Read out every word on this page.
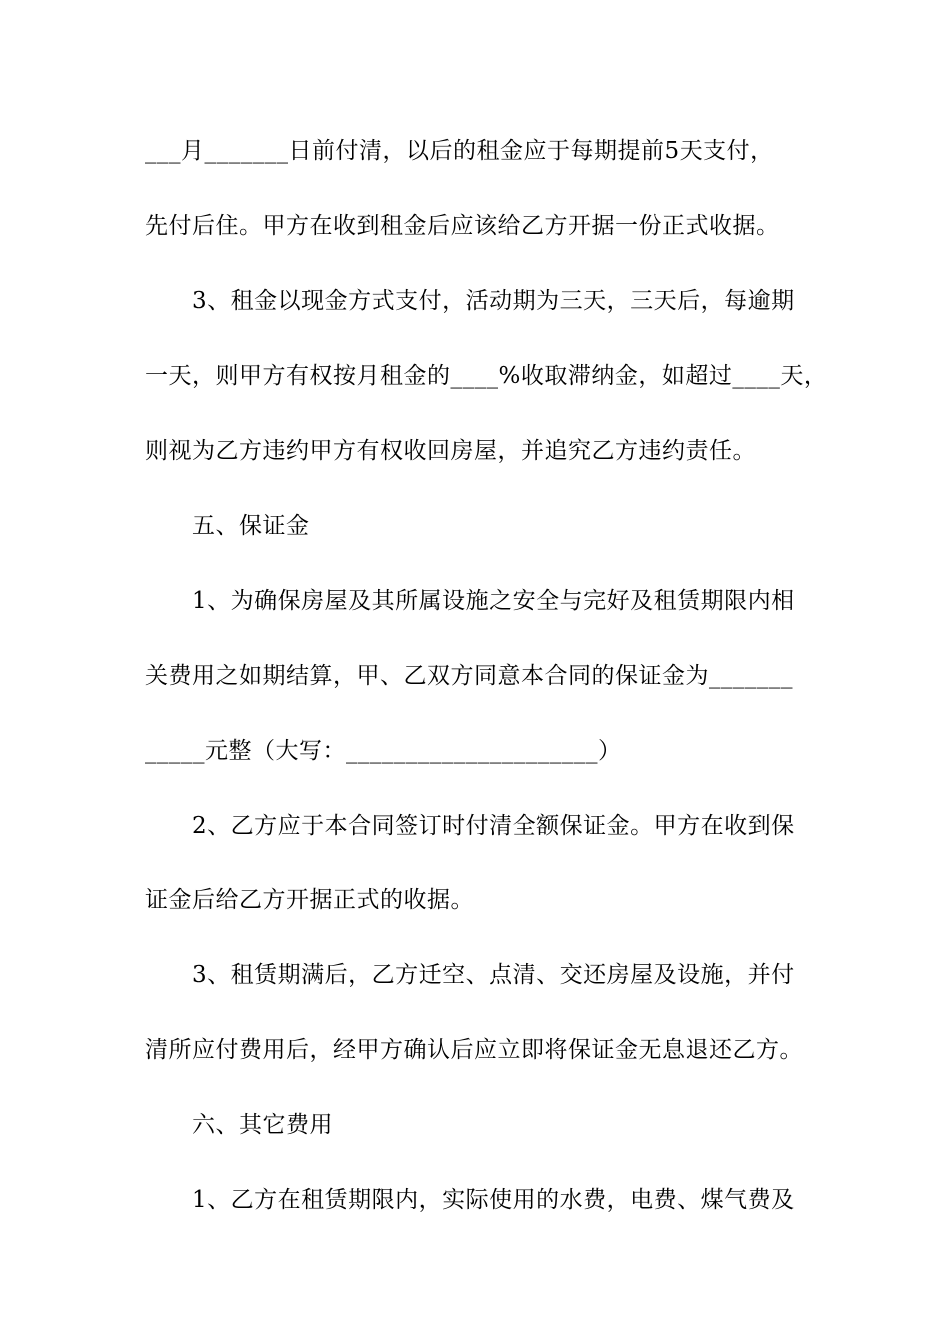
___月_______日前付清，以后的租金应于每期提前5天支付，
先付后住。甲方在收到租金后应该给乙方开据一份正式收据。
3、租金以现金方式支付，活动期为三天，三天后，每逾期
一天，则甲方有权按月租金的____%收取滞纳金，如超过____天，
则视为乙方违约甲方有权收回房屋，并追究乙方违约责任。
五、保证金
1、为确保房屋及其所属设施之安全与完好及租赁期限内相
关费用之如期结算，甲、乙双方同意本合同的保证金为_______
_____元整（大写：_____________________）
2、乙方应于本合同签订时付清全额保证金。甲方在收到保
证金后给乙方开据正式的收据。
3、租赁期满后，乙方迁空、点清、交还房屋及设施，并付
清所应付费用后，经甲方确认后应立即将保证金无息退还乙方。
六、其它费用
1、乙方在租赁期限内，实际使用的水费，电费、煤气费及
